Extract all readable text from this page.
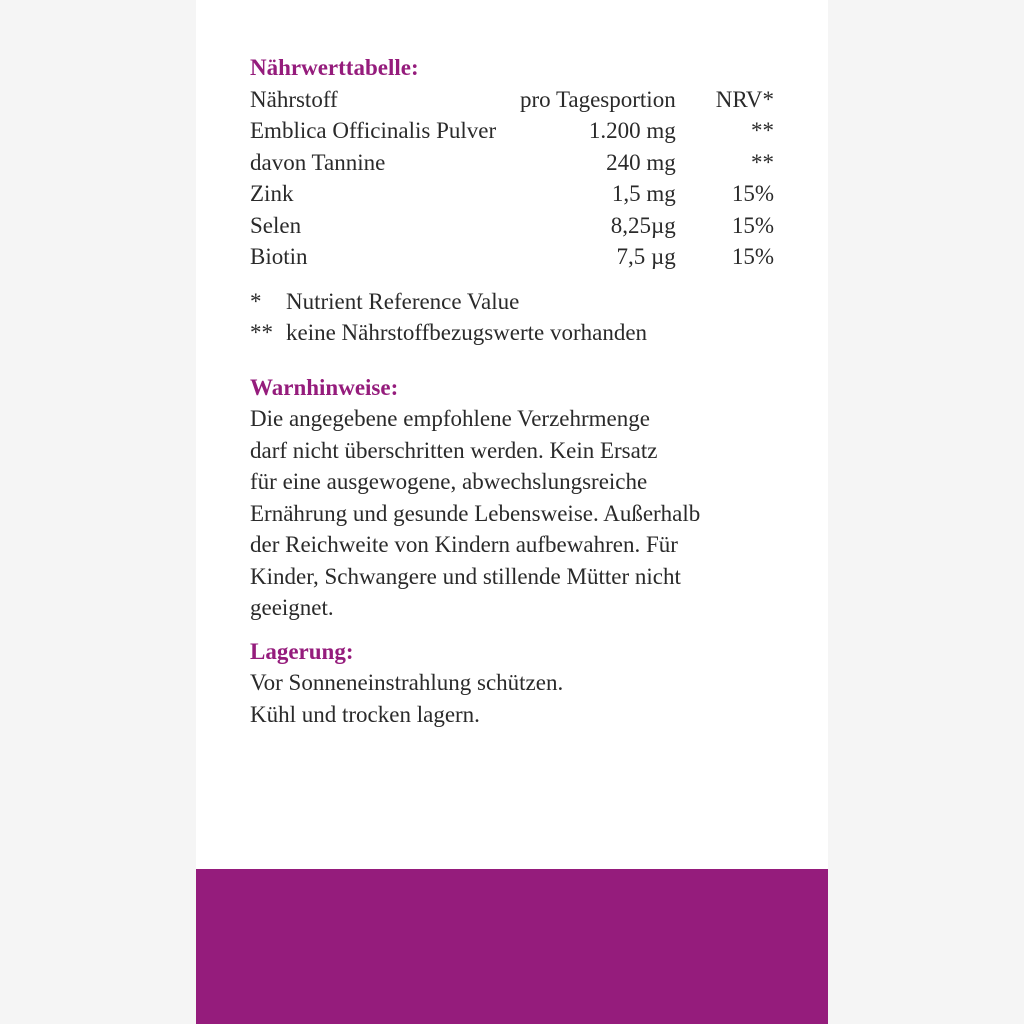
Nährwerttabelle:
Nährstoff	pro Tagesportion	NRV*
Emblica Officinalis Pulver	1.200 mg	**
davon Tannine	240 mg	**
Zink	1,5 mg	15%
Selen	8,25µg	15%
Biotin	7,5 µg	15%
*	Nutrient Reference Value
** keine Nährstoffbezugswerte vorhanden
Warnhinweise:
Die angegebene empfohlene Verzehrmenge
darf nicht überschritten werden. Kein Ersatz
für eine ausgewogene, abwechslungsreiche
Ernährung und gesunde Lebensweise. Außerhalb
der Reichweite von Kindern aufbewahren. Für
Kinder, Schwangere und stillende Mütter nicht
geeignet.
Lagerung:
Vor Sonneneinstrahlung schützen.
Kühl und trocken lagern.
